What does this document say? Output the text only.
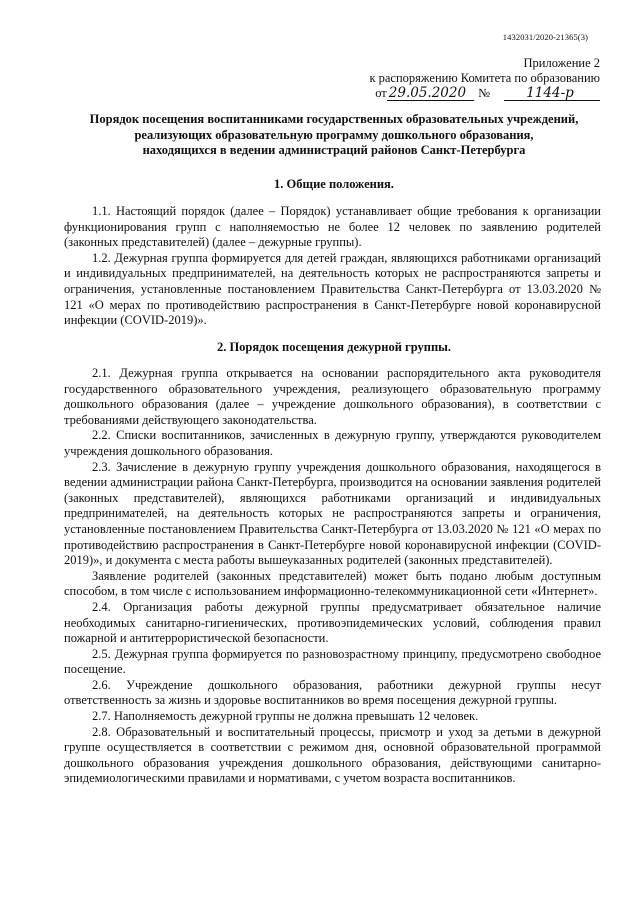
1432031/2020-21365(3)
Приложение 2
к распоряжению Комитета по образованию
от 29.05.2020 №	1144-р
Порядок посещения воспитанниками государственных образовательных учреждений,
реализующих образовательную программу дошкольного образования,
находящихся в ведении администраций районов Санкт-Петербурга
1. Общие положения.

1.1. Настоящий порядок (далее – Порядок) устанавливает общие требования к организации функционирования групп с наполняемостью не более 12 человек по заявлению родителей (законных представителей) (далее – дежурные группы).

1.2. Дежурная группа формируется для детей граждан, являющихся работниками организаций и индивидуальных предпринимателей, на деятельность которых не распространяются запреты и ограничения, установленные постановлением Правительства Санкт-Петербурга от 13.03.2020 № 121 «О мерах по противодействию распространения в Санкт-Петербурге новой коронавирусной инфекции (COVID-2019)».

2. Порядок посещения дежурной группы.

2.1. Дежурная группа открывается на основании распорядительного акта руководителя государственного образовательного учреждения, реализующего образовательную программу дошкольного образования (далее – учреждение дошкольного образования), в соответствии с требованиями действующего законодательства.

2.2. Списки воспитанников, зачисленных в дежурную группу, утверждаются руководителем учреждения дошкольного образования.

2.3. Зачисление в дежурную группу учреждения дошкольного образования, находящегося в ведении администрации района Санкт-Петербурга, производится на основании заявления родителей (законных представителей), являющихся работниками организаций и индивидуальных предпринимателей, на деятельность которых не распространяются запреты и ограничения, установленные постановлением Правительства Санкт-Петербурга от 13.03.2020 № 121 «О мерах по противодействию распространения в Санкт-Петербурге новой коронавирусной инфекции (COVID-2019)», и документа с места работы вышеуказанных родителей (законных представителей).

Заявление родителей (законных представителей) может быть подано любым доступным способом, в том числе с использованием информационно-телекоммуникационной сети «Интернет».

2.4. Организация работы дежурной группы предусматривает обязательное наличие необходимых санитарно-гигиенических, противоэпидемических условий, соблюдения правил пожарной и антитеррористической безопасности.

2.5. Дежурная группа формируется по разновозрастному принципу, предусмотрено свободное посещение.

2.6. Учреждение дошкольного образования, работники дежурной группы несут ответственность за жизнь и здоровье воспитанников во время посещения дежурной группы.

2.7. Наполняемость дежурной группы не должна превышать 12 человек.

2.8. Образовательный и воспитательный процессы, присмотр и уход за детьми в дежурной группе осуществляется в соответствии с режимом дня, основной образовательной программой дошкольного образования учреждения дошкольного образования, действующими санитарно-эпидемиологическими правилами и нормативами, с учетом возраста воспитанников.
